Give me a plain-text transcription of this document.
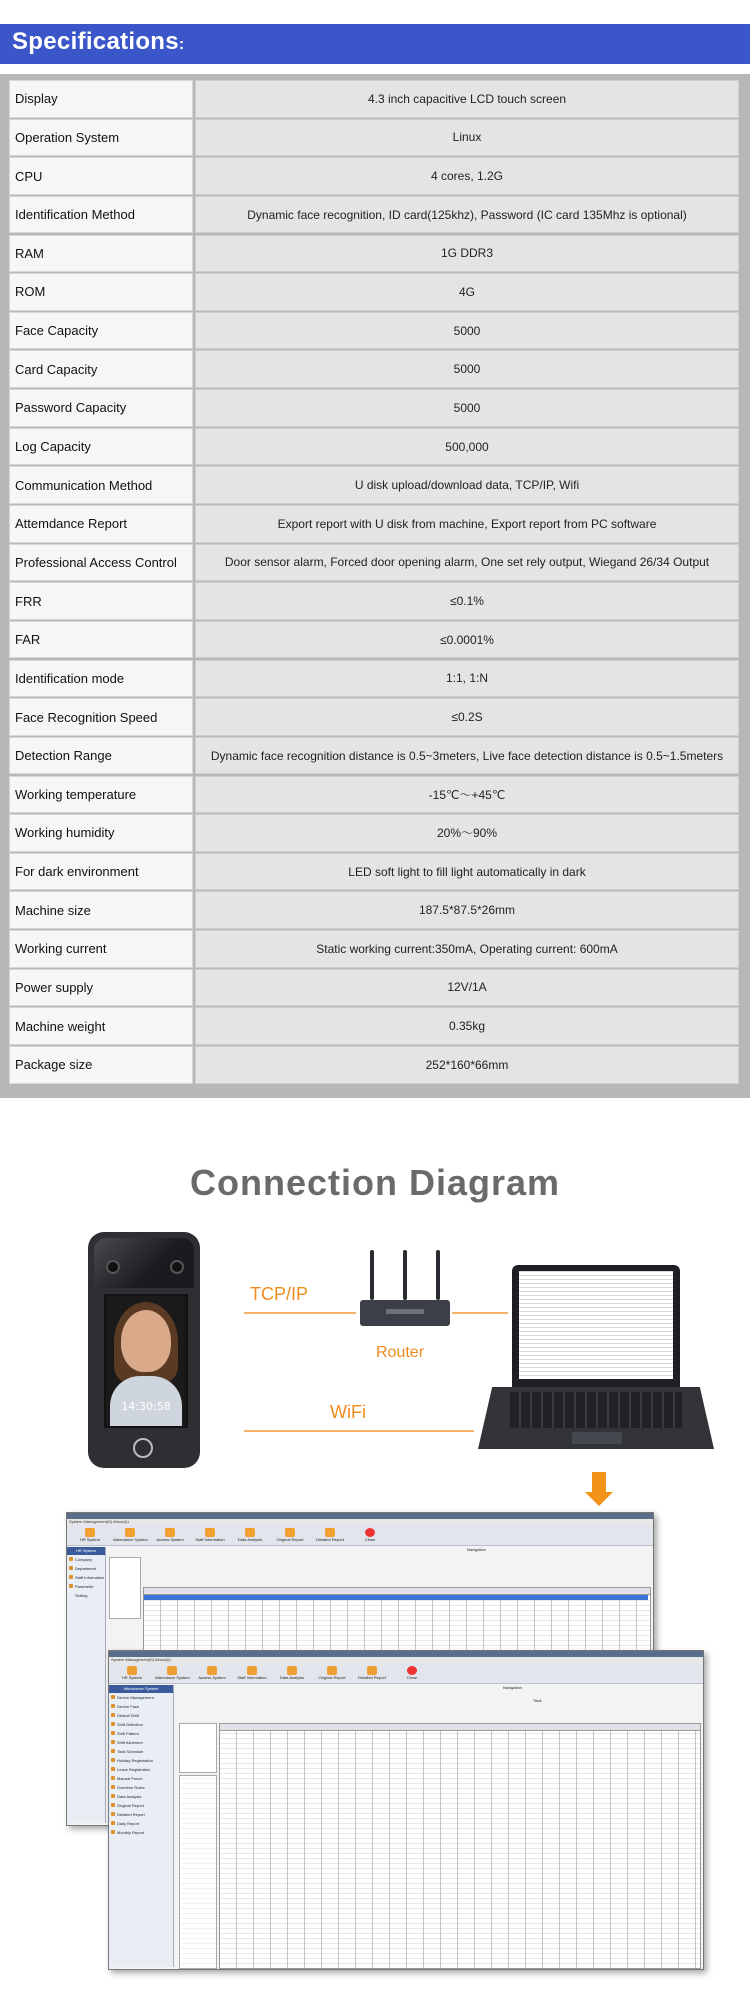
Specifications:
Display	4.3 inch capacitive LCD touch screen
Operation System	Linux
CPU	4 cores, 1.2G
Identification Method	Dynamic face recognition, ID card(125khz), Password (IC card 135Mhz is optional)
RAM	1G DDR3
ROM	4G
Face Capacity	5000
Card Capacity	5000
Password Capacity	5000
Log Capacity	500,000
Communication Method	U disk upload/download data, TCP/IP, Wifi
Attemdance Report	Export report with U disk from machine, Export report from PC software
Professional Access Control	Door sensor alarm, Forced door opening alarm, One set rely output, Wiegand 26/34 Output
FRR	≤0.1%
FAR	≤0.0001%
Identification mode	1:1, 1:N
Face Recognition Speed	≤0.2S
Detection Range	Dynamic face recognition distance is 0.5~3meters, Live face detection distance is 0.5~1.5meters
Working temperature	-15℃～+45℃
Working humidity	20%～90%
For dark environment	LED soft light to fill light automatically in dark
Machine size	187.5*87.5*26mm
Working current	Static working current:350mA, Operating current: 600mA
Power supply	12V/1A
Machine weight	0.35kg
Package size	252*160*66mm
Connection Diagram
14:30:58
TCP/IP
Router
WiFi
System Management(S) About(A)
HR System	Attendance System	Access System	Staff Information	Data Analysis	Original Report	Detailed Report	Close
Navigation
HR System
Company
Department
Staff Information
Parameter Setting
System Management(S) About(A)
HR System	Attendance System	Access System	Staff Information	Data Analysis	Original Report	Detailed Report	Close
Navigation
Total
Attendance System
Device Management
Device Face
Default Shift
Shift Definition
Shift Pattern
Shift Allotment
Total Schedule
Holiday Registration
Leave Registration
Manual Punch
Overtime Rules
Data Analysis
Original Report
Detailed Report
Daily Report
Monthly Report
